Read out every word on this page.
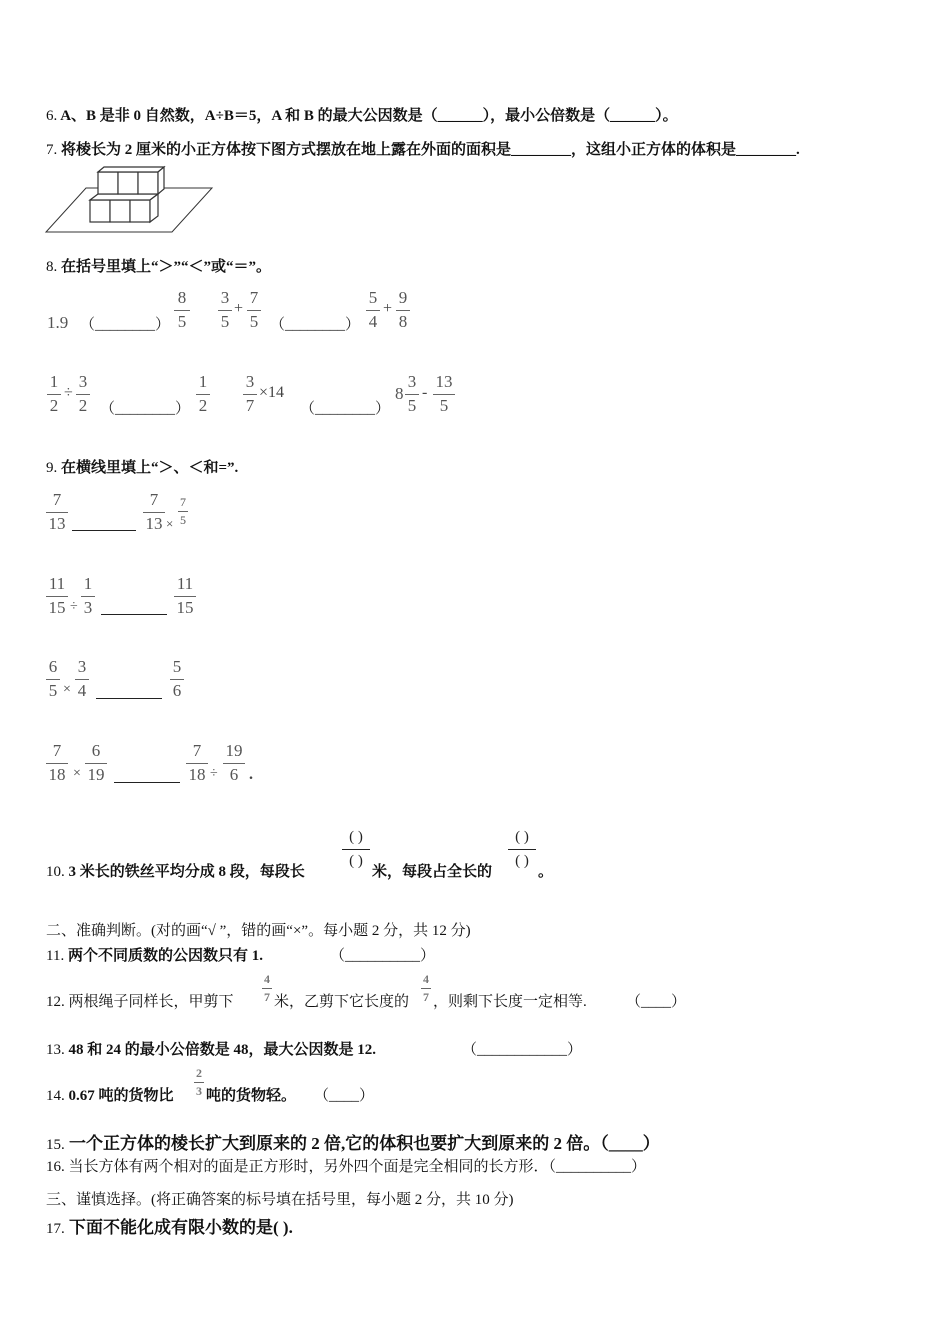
6. A、B 是非 0 自然数，A÷B＝5，A 和 B 的最大公因数是（______），最小公倍数是（______）。
7. 将棱长为 2 厘米的小正方体按下图方式摆放在地上露在外面的面积是________，这组小正方体的体积是________.
8. 在括号里填上“＞”“＜”或“＝”。
1.9 （________）
8
5
3
5
+
7
5 （________）
5
4
+
9
8
1
2
÷
3
2 （________）
1
2
3
7
×14
（________）
8
3
5
-
13
5
9. 在横线里填上“＞、＜和=”.
7
13
7
13 ×
7
5
11
15 ÷
1
3
11
15
6
5 ×
3
4
5
6
7
18 ×
6
19
7
18 ÷
19
6 .
10. 3 米长的铁丝平均分成 8 段，每段长
( )
( )
米，每段占全长的
( )
( )
。
二、准确判断。(对的画“√ ”，错的画“×”。每小题 2 分，共 12 分)
11. 两个不同质数的公因数只有 1.	（__________）
12. 两根绳子同样长，甲剪下
4
7 米，乙剪下它长度的
4
7 ，则剩下长度一定相等.	（____）
13. 48 和 24 的最小公倍数是 48，最大公因数是 12.	（____________）
14. 0.67 吨的货物比
2
3 吨的货物轻。 （____）
15. 一个正方体的棱长扩大到原来的 2 倍,它的体积也要扩大到原来的 2 倍。（____）
16. 当长方体有两个相对的面是正方形时，另外四个面是完全相同的长方形．（__________）
三、谨慎选择。(将正确答案的标号填在括号里，每小题 2 分，共 10 分)
17. 下面不能化成有限小数的是( ).
